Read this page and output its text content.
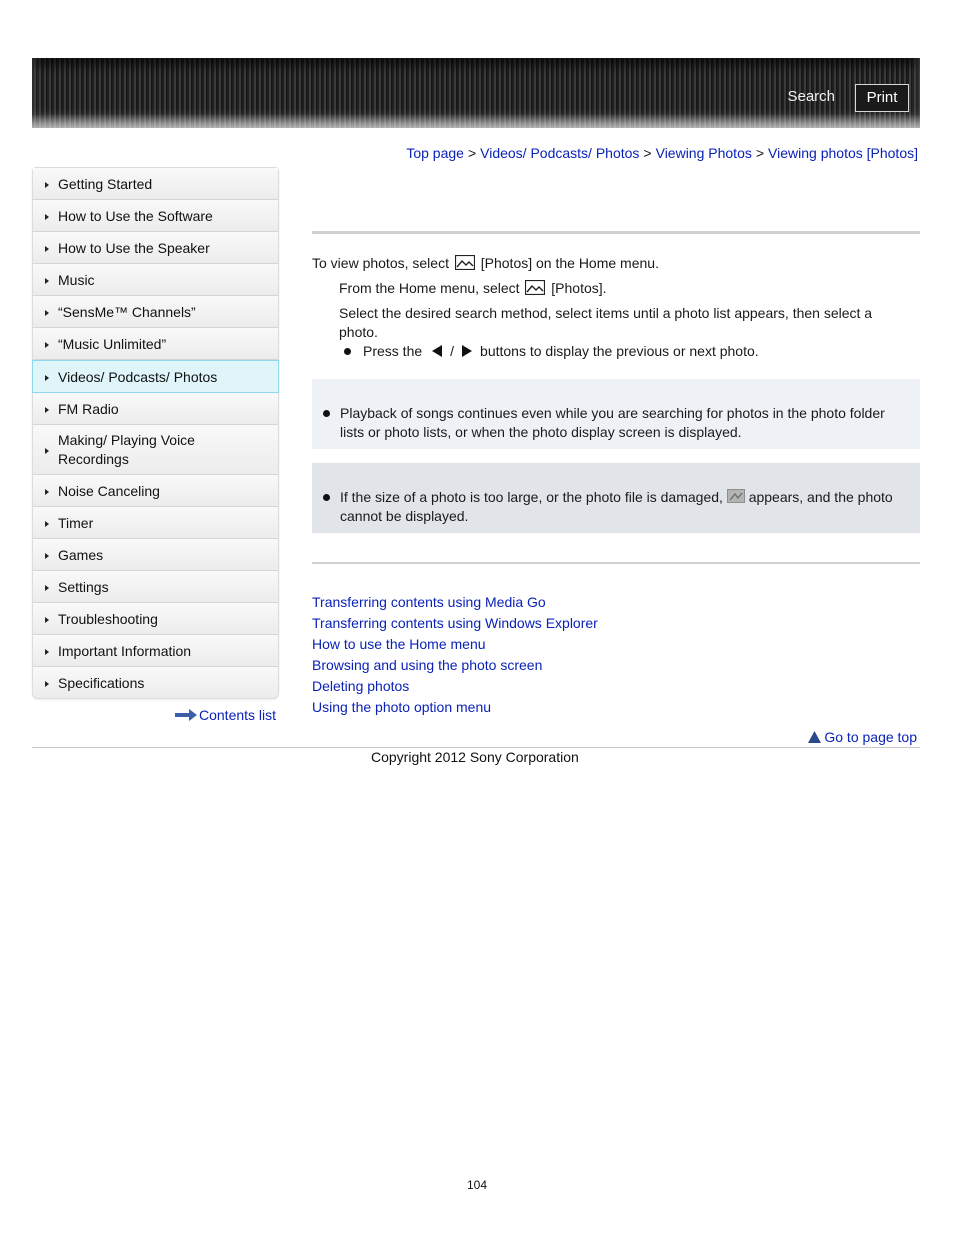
Search	Print
Top page > Videos/ Podcasts/ Photos > Viewing Photos > Viewing photos [Photos]
Getting Started
How to Use the Software
How to Use the Speaker
Music
“SensMe™ Channels”
“Music Unlimited”
Videos/ Podcasts/ Photos
FM Radio
Making/ Playing Voice Recordings
Noise Canceling
Timer
Games
Settings
Troubleshooting
Important Information
Specifications
Contents list
To view photos, select [Photos] on the Home menu.
From the Home menu, select [Photos].
Select the desired search method, select items until a photo list appears, then select a photo.
Press the / buttons to display the previous or next photo.
Playback of songs continues even while you are searching for photos in the photo folder lists or photo lists, or when the photo display screen is displayed.
If the size of a photo is too large, or the photo file is damaged, appears, and the photo cannot be displayed.
Transferring contents using Media Go
Transferring contents using Windows Explorer
How to use the Home menu
Browsing and using the photo screen
Deleting photos
Using the photo option menu
Go to page top
Copyright 2012 Sony Corporation
104
